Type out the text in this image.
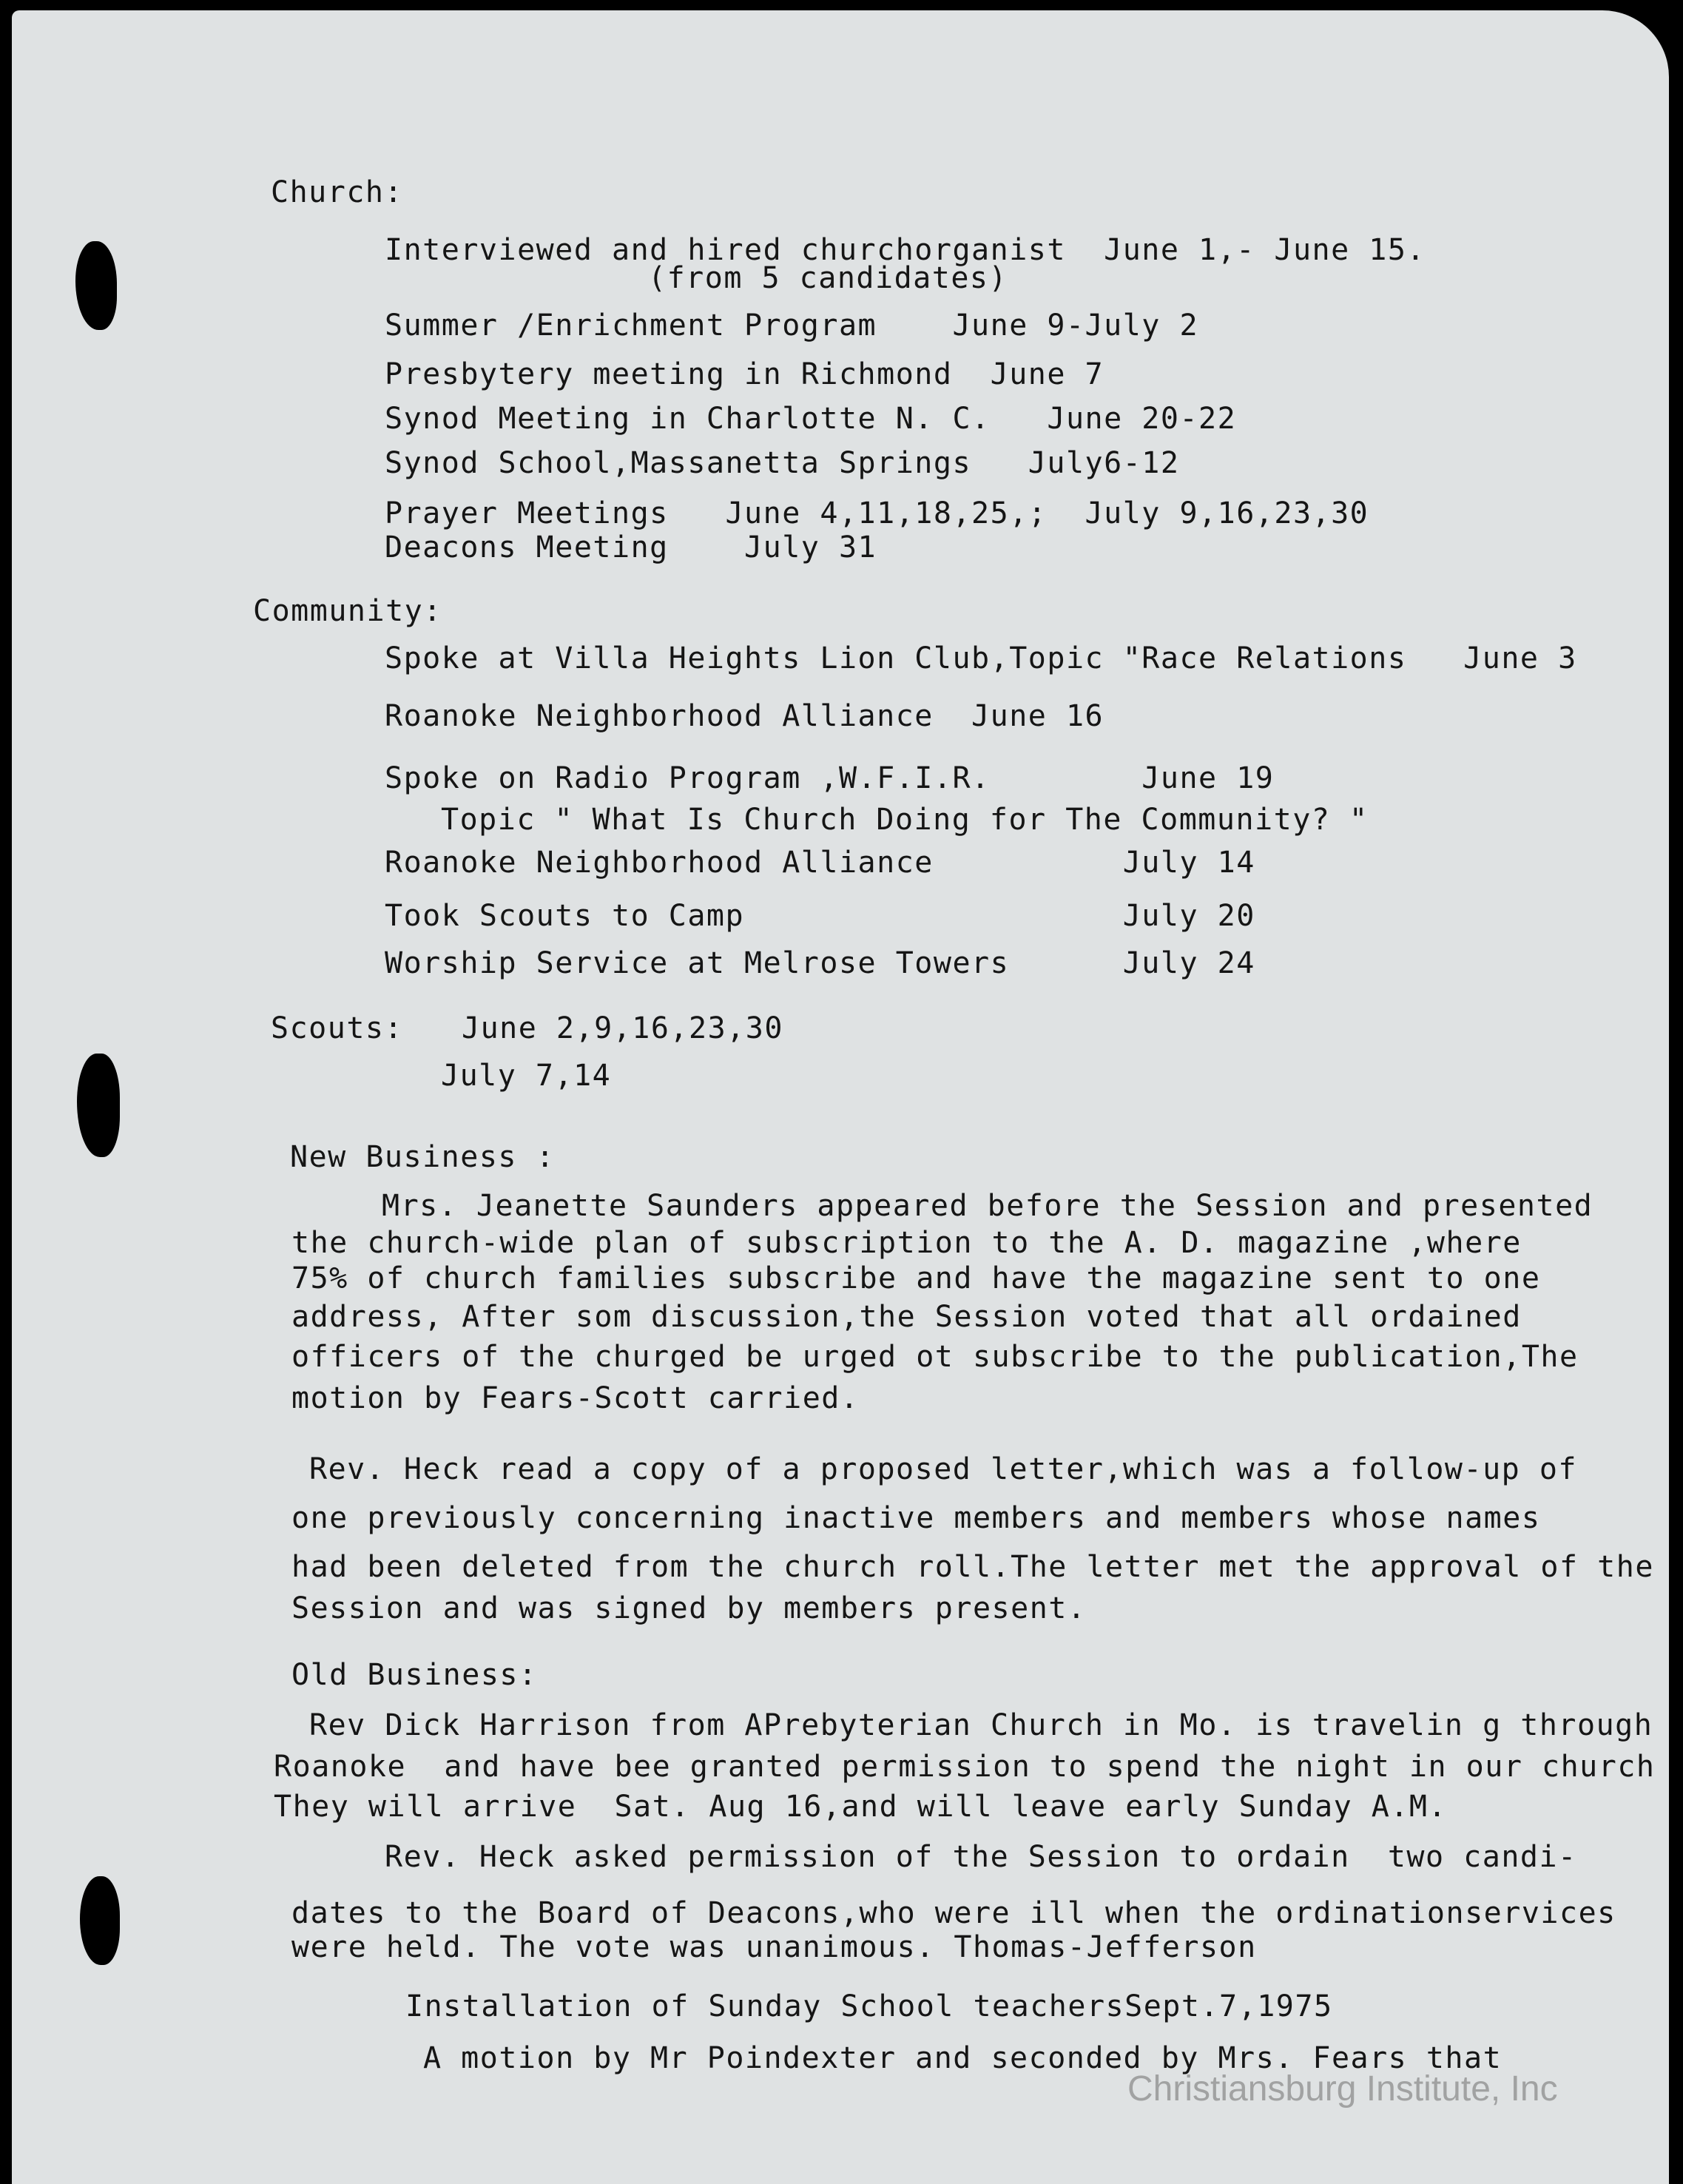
Church:

Interviewed and hired churchorganist  June 1,- June 15.

(from 5 candidates)

Summer /Enrichment Program    June 9-July 2

Presbytery meeting in Richmond  June 7

Synod Meeting in Charlotte N. C.   June 20-22

Synod School,Massanetta Springs   July6-12

Prayer Meetings   June 4,11,18,25,;  July 9,16,23,30

Deacons Meeting    July 31

Community:

Spoke at Villa Heights Lion Club,Topic "Race Relations   June 3

Roanoke Neighborhood Alliance  June 16

Spoke on Radio Program ,W.F.I.R.        June 19

Topic " What Is Church Doing for The Community? "

Roanoke Neighborhood Alliance          July 14

Took Scouts to Camp                    July 20

Worship Service at Melrose Towers      July 24

Scouts: June 2,9,16,23,30

July 7,14

New Business :

Mrs. Jeanette Saunders appeared before the Session and presented

the church-wide plan of subscription to the A. D. magazine ,where

75% of church families subscribe and have the magazine sent to one

address, After som discussion,the Session voted that all ordained

officers of the churged be urged ot subscribe to the publication,The

motion by Fears-Scott carried.

Rev. Heck read a copy of a proposed letter,which was a follow-up of

one previously concerning inactive members and members whose names

had been deleted from the church roll.The letter met the approval of the

Session and was signed by members present.

Old Business:

Rev Dick Harrison from APrebyterian Church in Mo. is travelin g through

Roanoke  and have bee granted permission to spend the night in our church

They will arrive  Sat. Aug 16,and will leave early Sunday A.M.

Rev. Heck asked permission of the Session to ordain  two candi-

dates to the Board of Deacons,who were ill when the ordinationservices

were held. The vote was unanimous. Thomas-Jefferson

Installation of Sunday School teachersSept.7,1975

A motion by Mr Poindexter and seconded by Mrs. Fears that

Christiansburg Institute, Inc
